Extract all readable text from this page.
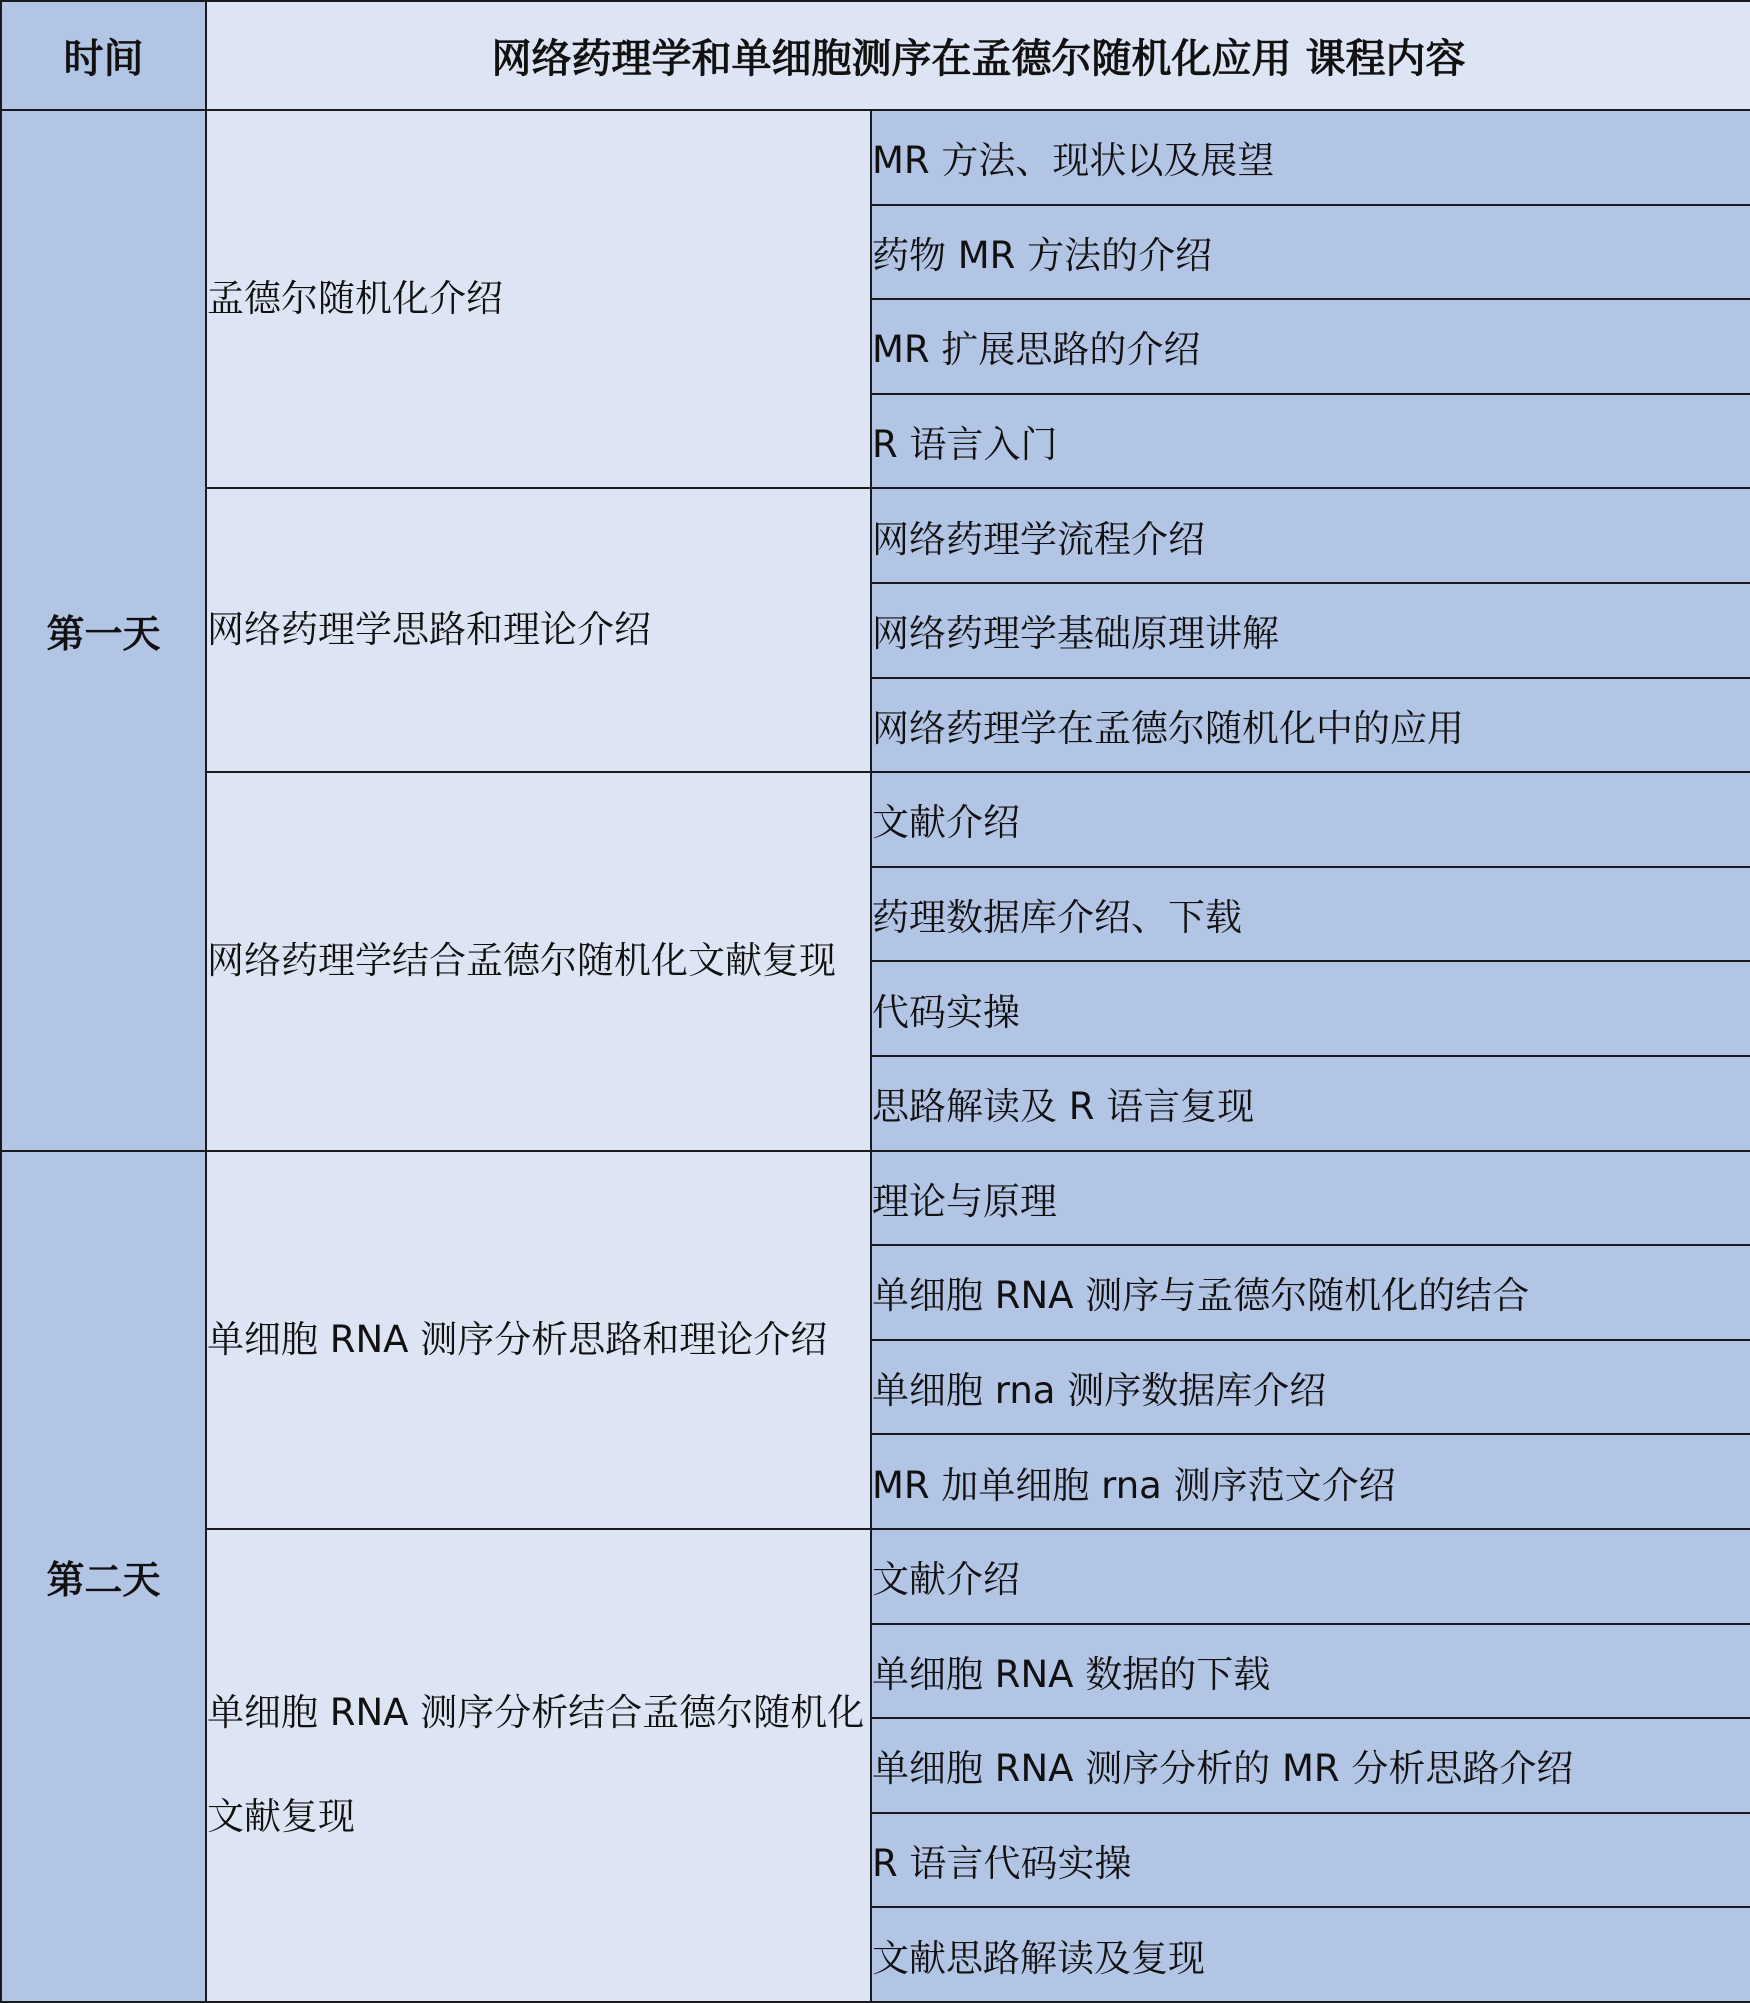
时间	网络药理学和单细胞测序在孟德尔随机化应用 课程内容	
第一天	孟德尔随机化介绍	MR 方法、现状以及展望
		药物 MR 方法的介绍
		MR 扩展思路的介绍
		R 语言入门
	网络药理学思路和理论介绍	网络药理学流程介绍
		网络药理学基础原理讲解
		网络药理学在孟德尔随机化中的应用
	网络药理学结合孟德尔随机化文献复现	文献介绍
		药理数据库介绍、下载
		代码实操
		思路解读及 R 语言复现
第二天	单细胞 RNA 测序分析思路和理论介绍	理论与原理
		单细胞 RNA 测序与孟德尔随机化的结合
		单细胞 rna 测序数据库介绍
		MR 加单细胞 rna 测序范文介绍
	单细胞 RNA 测序分析结合孟德尔随机化文献复现	文献介绍
		单细胞 RNA 数据的下载
		单细胞 RNA 测序分析的 MR 分析思路介绍
		R 语言代码实操
		文献思路解读及复现
